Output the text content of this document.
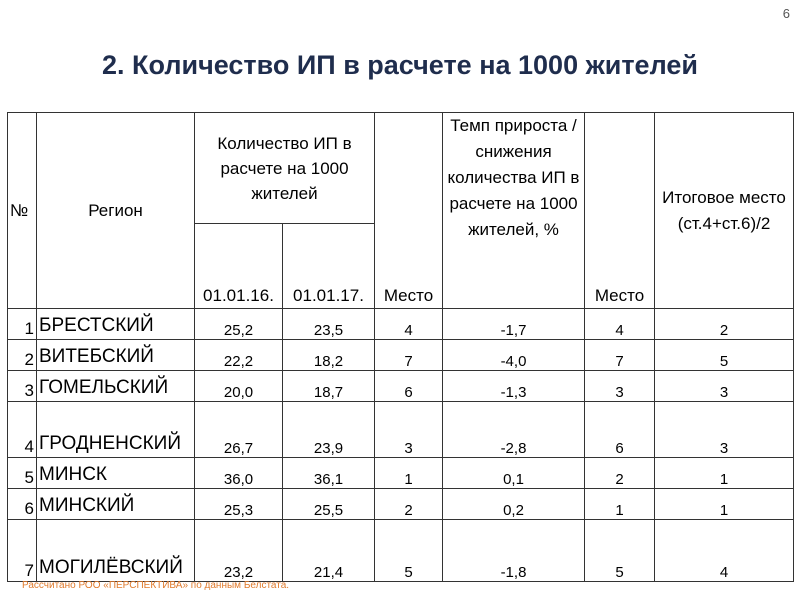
6
2. Количество ИП в расчете на 1000 жителей
№	Регион	Количество ИП в расчете на 1000 жителей		Место	Темп прироста /снижения количества ИП в расчете на 1000 жителей, %	Место	Итоговое место (ст.4+ст.6)/2
		01.01.16.	01.01.17.				
1	БРЕСТСКИЙ	25,2	23,5	4	-1,7	4	2
2	ВИТЕБСКИЙ	22,2	18,2	7	-4,0	7	5
3	ГОМЕЛЬСКИЙ	20,0	18,7	6	-1,3	3	3
4	ГРОДНЕНСКИЙ	26,7	23,9	3	-2,8	6	3
5	МИНСК	36,0	36,1	1	0,1	2	1
6	МИНСКИЙ	25,3	25,5	2	0,2	1	1
7	МОГИЛЁВСКИЙ	23,2	21,4	5	-1,8	5	4
Рассчитано РОО «ПЕРСПЕКТИВА» по данным Белстата.
